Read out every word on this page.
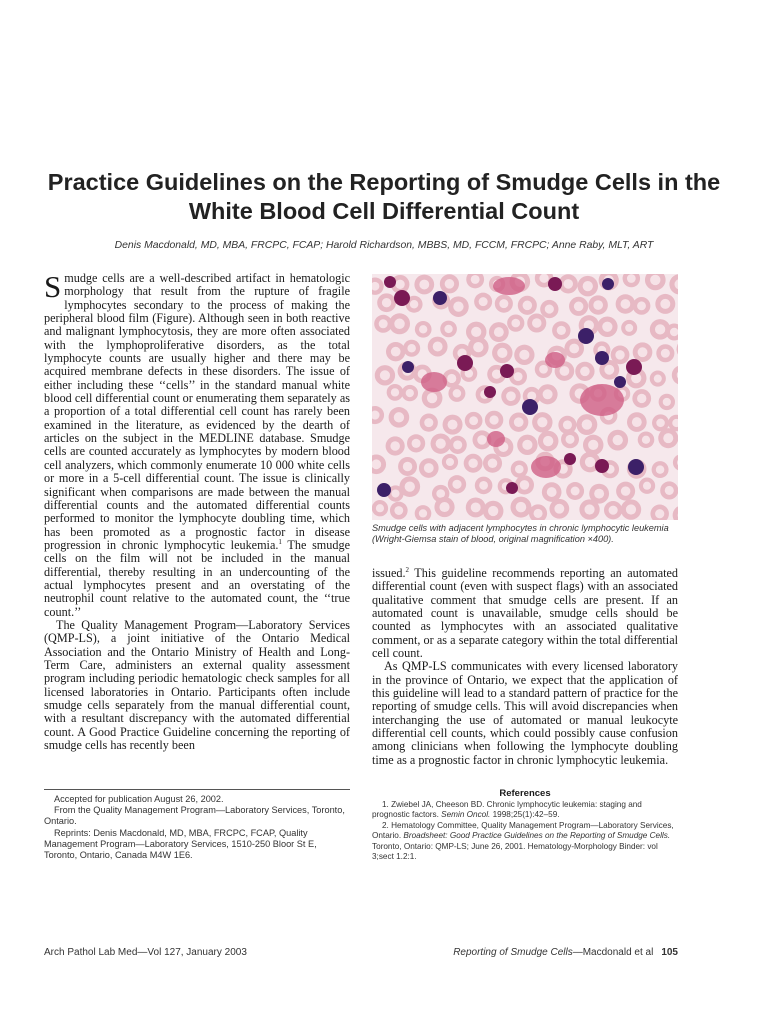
Practice Guidelines on the Reporting of Smudge Cells in the White Blood Cell Differential Count
Denis Macdonald, MD, MBA, FRCPC, FCAP; Harold Richardson, MBBS, MD, FCCM, FRCPC; Anne Raby, MLT, ART

Smudge cells are a well-described artifact in hematologic morphology that result from the rupture of fragile lymphocytes secondary to the process of making the peripheral blood film (Figure). Although seen in both reactive and malignant lymphocytosis, they are more often associated with the lymphoproliferative disorders, as the total lymphocyte counts are usually higher and there may be acquired membrane defects in these disorders. The issue of either including these ‘‘cells’’ in the standard manual white blood cell differential count or enumerating them separately as a proportion of a total differential cell count has rarely been examined in the literature, as evidenced by the dearth of articles on the subject in the MEDLINE database. Smudge cells are counted accurately as lymphocytes by modern blood cell analyzers, which commonly enumerate 10 000 white cells or more in a 5-cell differential count. The issue is clinically significant when comparisons are made between the manual differential counts and the automated differential counts performed to monitor the lymphocyte doubling time, which has been promoted as a prognostic factor in disease progression in chronic lymphocytic leukemia.$^1$ The smudge cells on the film will not be included in the manual differential, thereby resulting in an undercounting of the actual lymphocytes present and an overstating of the neutrophil count relative to the automated count, the ‘‘true count.’’

The Quality Management Program—Laboratory Services (QMP-LS), a joint initiative of the Ontario Medical Association and the Ontario Ministry of Health and Long-Term Care, administers an external quality assessment program including periodic hematologic check samples for all licensed laboratories in Ontario. Participants often include smudge cells separately from the manual differential count, with a resultant discrepancy with the automated differential count. A Good Practice Guideline concerning the reporting of smudge cells has recently been

Smudge cells with adjacent lymphocytes in chronic lymphocytic leukemia (Wright-Giemsa stain of blood, original magnification ×400).

issued.$^2$ This guideline recommends reporting an automated differential count (even with suspect flags) with an associated qualitative comment that smudge cells are present. If an automated count is unavailable, smudge cells should be counted as lymphocytes with an associated qualitative comment, or as a separate category within the total differential cell count.

As QMP-LS communicates with every licensed laboratory in the province of Ontario, we expect that the application of this guideline will lead to a standard pattern of practice for the reporting of smudge cells. This will avoid discrepancies when interchanging the use of automated or manual leukocyte differential cell counts, which could possibly cause confusion among clinicians when following the lymphocyte doubling time as a prognostic factor in chronic lymphocytic leukemia.

References

1. Zwiebel JA, Cheeson BD. Chronic lymphocytic leukemia: staging and prognostic factors. Semin Oncol. 1998;25(1):42–59.

2. Hematology Committee, Quality Management Program—Laboratory Services, Ontario. Broadsheet: Good Practice Guidelines on the Reporting of Smudge Cells. Toronto, Ontario: QMP-LS; June 26, 2001. Hematology-Morphology Binder: vol 3;sect 1.2:1.

Accepted for publication August 26, 2002.

From the Quality Management Program—Laboratory Services, Toronto, Ontario.

Reprints: Denis Macdonald, MD, MBA, FRCPC, FCAP, Quality Management Program—Laboratory Services, 1510-250 Bloor St E, Toronto, Ontario, Canada M4W 1E6.

Arch Pathol Lab Med—Vol 127, January 2003	Reporting of Smudge Cells—Macdonald et al 105
